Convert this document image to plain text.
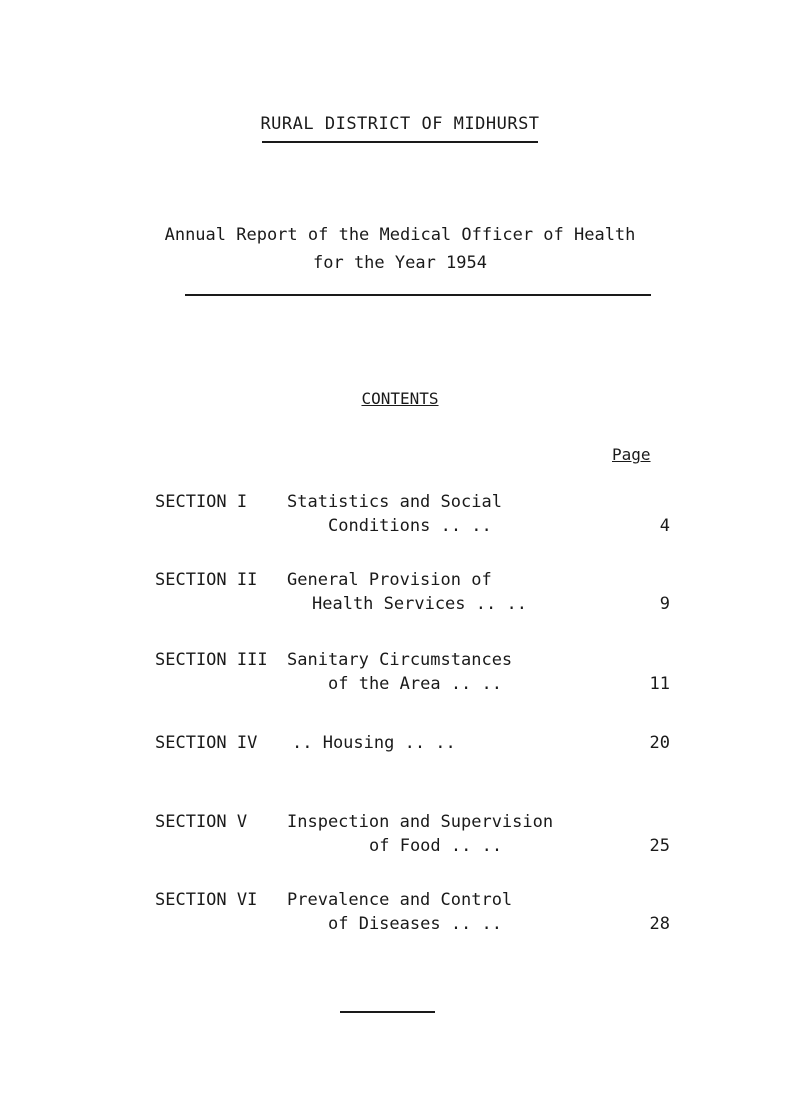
RURAL DISTRICT OF MIDHURST
Annual Report of the Medical Officer of Health
for the Year 1954
CONTENTS
Page
SECTION I Statistics and Social
Conditions .. ..	4
SECTION II General Provision of
Health Services .. ..	9
SECTION III Sanitary Circumstances
of the Area .. ..	11
SECTION IV .. Housing .. ..	20
SECTION V Inspection and Supervision
of Food .. ..	25
SECTION VI Prevalence and Control
of Diseases .. ..	28
